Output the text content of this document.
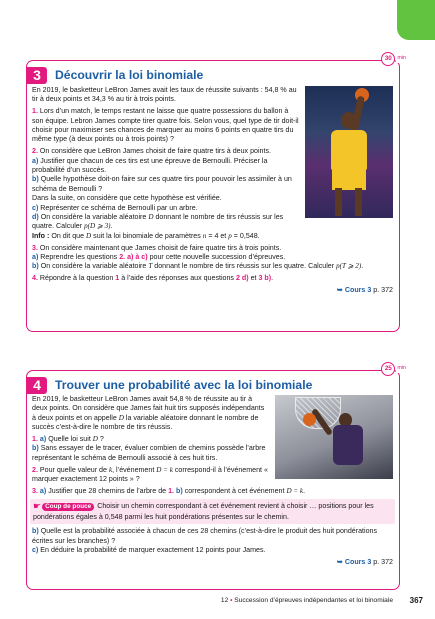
30	min
3	Découvrir la loi binomiale

En 2019, le basketteur LeBron James avait les taux de réussite suivants : 54,8 % au tir à deux points et 34,3 % au tir à trois points.

1. Lors d’un match, le temps restant ne laisse que quatre possessions du ballon à son équipe. Lebron James compte tirer quatre fois. Selon vous, quel type de tir doit-il choisir pour maximiser ses chances de marquer au moins 6 points en quatre tirs du même type (à deux points ou à trois points) ?

2. On considère que LeBron James choisit de faire quatre tirs à deux points.
a) Justifier que chacun de ces tirs est une épreuve de Bernoulli. Préciser la probabilité d’un succès.
b) Quelle hypothèse doit-on faire sur ces quatre tirs pour pouvoir les assimiler à un schéma de Bernoulli ?
Dans la suite, on considère que cette hypothèse est vérifiée.
c) Représenter ce schéma de Bernoulli par un arbre.
d) On considère la variable aléatoire D donnant le nombre de tirs réussis sur les quatre. Calculer p(D ⩾ 3).
Info : On dit que D suit la loi binomiale de paramètres n = 4 et p = 0,548.

3. On considère maintenant que James choisit de faire quatre tirs à trois points.
a) Reprendre les questions 2. a) à c) pour cette nouvelle succession d’épreuves.
b) On considère la variable aléatoire T donnant le nombre de tirs réussis sur les quatre. Calculer p(T ⩾ 2).

4. Répondre à la question 1 à l’aide des réponses aux questions 2 d) et 3 b).

➥ Cours 3 p. 372
25	min
4	Trouver une probabilité avec la loi binomiale

En 2019, le basketteur LeBron James avait 54,8 % de réussite au tir à deux points. On considère que James fait huit tirs supposés indépendants à deux points et on appelle D la variable aléatoire donnant le nombre de succès c’est-à-dire le nombre de tirs réussis.

1. a) Quelle loi suit D ?
b) Sans essayer de le tracer, évaluer combien de chemins possède l’arbre représentant le schéma de Bernoulli associé à ces huit tirs.

2. Pour quelle valeur de k, l’événement D = k correspond-il à l’événement « marquer exactement 12 points » ?

3. a) Justifier que 28 chemins de l’arbre de 1. b) correspondent à cet événement D = k.

☛ Coup de pouce Choisir un chemin correspondant à cet événement revient à choisir … positions pour les pondérations égales à 0,548 parmi les huit pondérations présentes sur le chemin.

b) Quelle est la probabilité associée à chacun de ces 28 chemins (c’est-à-dire le produit des huit pondérations écrites sur les branches) ?
c) En déduire la probabilité de marquer exactement 12 points pour James.

➥ Cours 3 p. 372
12 • Succession d’épreuves indépendantes et loi binomiale 367
